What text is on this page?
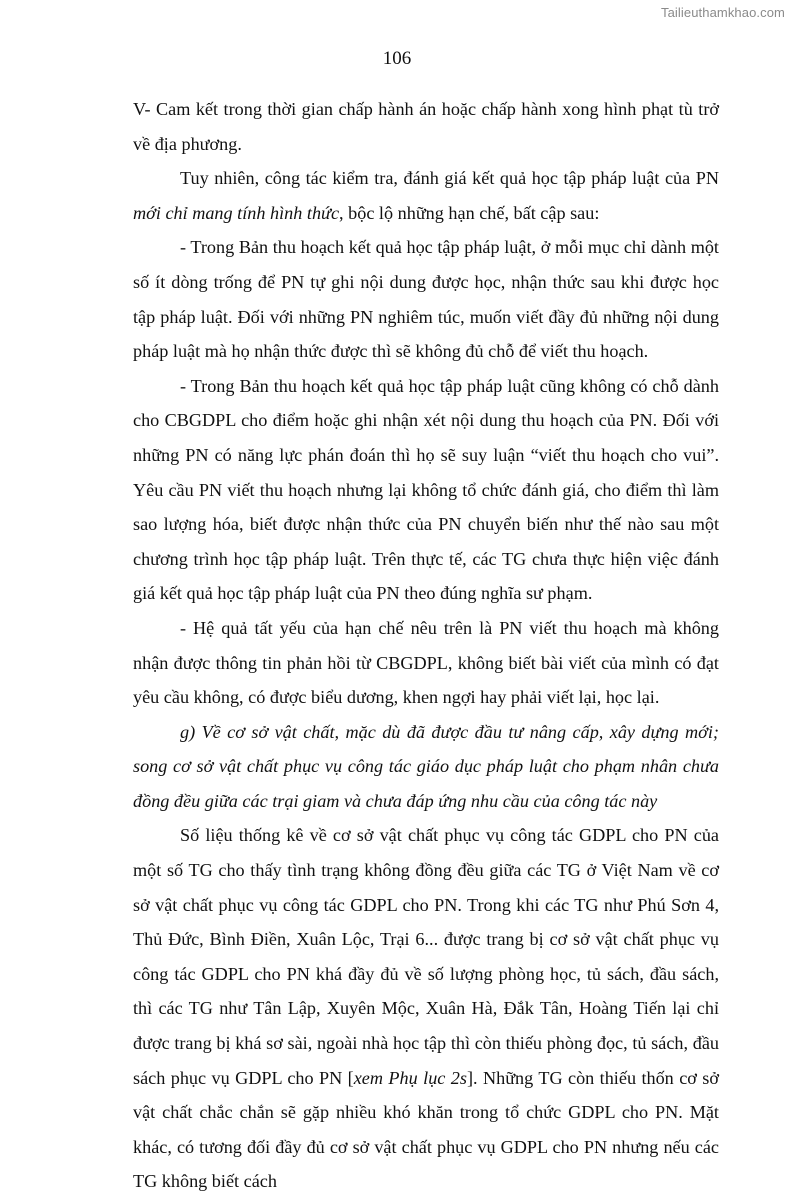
Tailieuthamkhao.com
106

V- Cam kết trong thời gian chấp hành án hoặc chấp hành xong hình phạt tù trở về địa phương.

Tuy nhiên, công tác kiểm tra, đánh giá kết quả học tập pháp luật của PN mới chỉ mang tính hình thức, bộc lộ những hạn chế, bất cập sau:

- Trong Bản thu hoạch kết quả học tập pháp luật, ở mỗi mục chỉ dành một số ít dòng trống để PN tự ghi nội dung được học, nhận thức sau khi được học tập pháp luật. Đối với những PN nghiêm túc, muốn viết đầy đủ những nội dung pháp luật mà họ nhận thức được thì sẽ không đủ chỗ để viết thu hoạch.

- Trong Bản thu hoạch kết quả học tập pháp luật cũng không có chỗ dành cho CBGDPL cho điểm hoặc ghi nhận xét nội dung thu hoạch của PN. Đối với những PN có năng lực phán đoán thì họ sẽ suy luận “viết thu hoạch cho vui”. Yêu cầu PN viết thu hoạch nhưng lại không tổ chức đánh giá, cho điểm thì làm sao lượng hóa, biết được nhận thức của PN chuyển biến như thế nào sau một chương trình học tập pháp luật. Trên thực tế, các TG chưa thực hiện việc đánh giá kết quả học tập pháp luật của PN theo đúng nghĩa sư phạm.

- Hệ quả tất yếu của hạn chế nêu trên là PN viết thu hoạch mà không nhận được thông tin phản hồi từ CBGDPL, không biết bài viết của mình có đạt yêu cầu không, có được biểu dương, khen ngợi hay phải viết lại, học lại.

g) Về cơ sở vật chất, mặc dù đã được đầu tư nâng cấp, xây dựng mới; song cơ sở vật chất phục vụ công tác giáo dục pháp luật cho phạm nhân chưa đồng đều giữa các trại giam và chưa đáp ứng nhu cầu của công tác này

Số liệu thống kê về cơ sở vật chất phục vụ công tác GDPL cho PN của một số TG cho thấy tình trạng không đồng đều giữa các TG ở Việt Nam về cơ sở vật chất phục vụ công tác GDPL cho PN. Trong khi các TG như Phú Sơn 4, Thủ Đức, Bình Điền, Xuân Lộc, Trại 6... được trang bị cơ sở vật chất phục vụ công tác GDPL cho PN khá đầy đủ về số lượng phòng học, tủ sách, đầu sách, thì các TG như Tân Lập, Xuyên Mộc, Xuân Hà, Đắk Tân, Hoàng Tiến lại chỉ được trang bị khá sơ sài, ngoài nhà học tập thì còn thiếu phòng đọc, tủ sách, đầu sách phục vụ GDPL cho PN [xem Phụ lục 2s]. Những TG còn thiếu thốn cơ sở vật chất chắc chắn sẽ gặp nhiều khó khăn trong tổ chức GDPL cho PN. Mặt khác, có tương đối đầy đủ cơ sở vật chất phục vụ GDPL cho PN nhưng nếu các TG không biết cách
